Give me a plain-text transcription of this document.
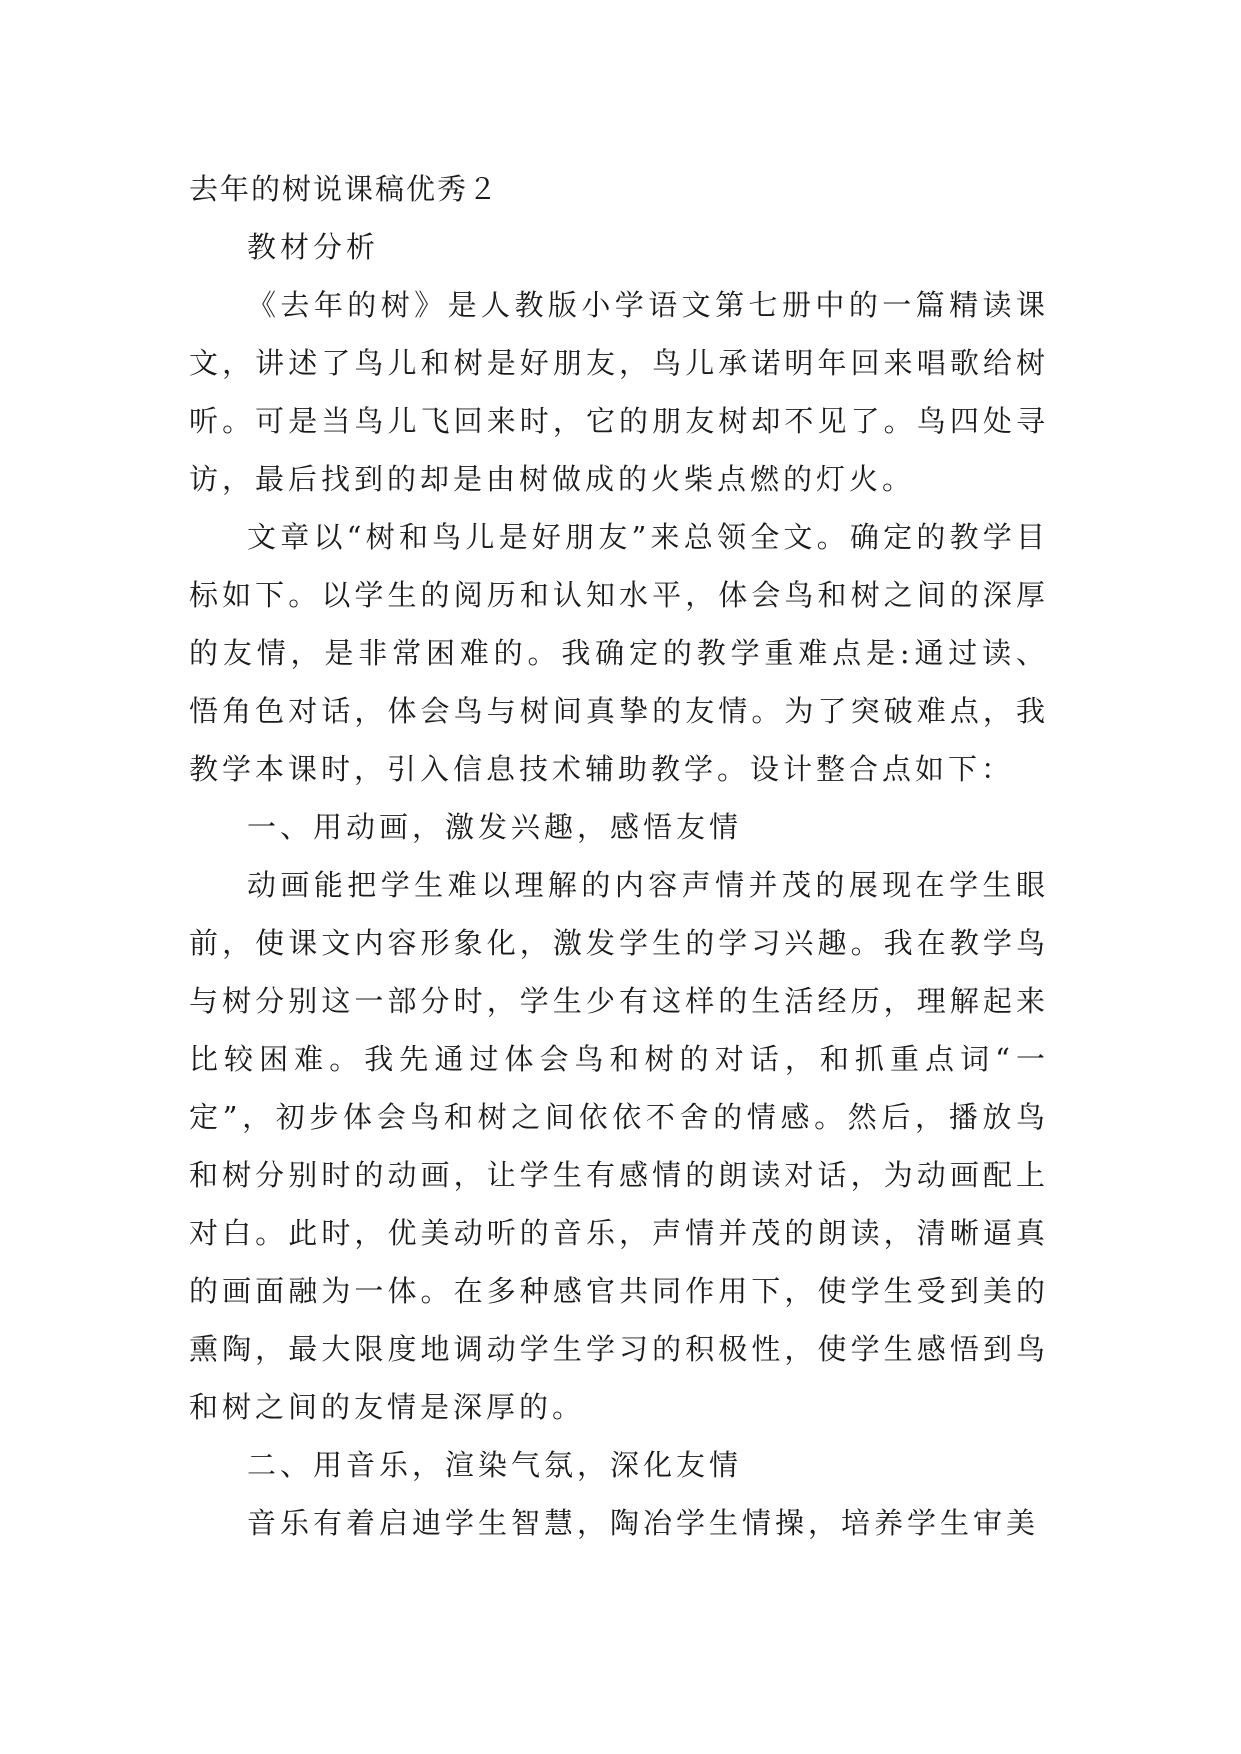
去年的树说课稿优秀２

教材分析

《去年的树》是人教版小学语文第七册中的一篇精读课文，讲述了鸟儿和树是好朋友，鸟儿承诺明年回来唱歌给树听。可是当鸟儿飞回来时，它的朋友树却不见了。鸟四处寻访，最后找到的却是由树做成的火柴点燃的灯火。

文章以“树和鸟儿是好朋友”来总领全文。确定的教学目标如下。以学生的阅历和认知水平，体会鸟和树之间的深厚的友情，是非常困难的。我确定的教学重难点是:通过读、悟角色对话，体会鸟与树间真挚的友情。为了突破难点，我教学本课时，引入信息技术辅助教学。设计整合点如下：

一、用动画，激发兴趣，感悟友情

动画能把学生难以理解的内容声情并茂的展现在学生眼前，使课文内容形象化，激发学生的学习兴趣。我在教学鸟与树分别这一部分时，学生少有这样的生活经历，理解起来比较困难。我先通过体会鸟和树的对话，和抓重点词“一定”，初步体会鸟和树之间依依不舍的情感。然后，播放鸟和树分别时的动画，让学生有感情的朗读对话，为动画配上对白。此时，优美动听的音乐，声情并茂的朗读，清晰逼真的画面融为一体。在多种感官共同作用下，使学生受到美的熏陶，最大限度地调动学生学习的积极性，使学生感悟到鸟和树之间的友情是深厚的。

二、用音乐，渲染气氛，深化友情

音乐有着启迪学生智慧，陶冶学生情操，培养学生审美
